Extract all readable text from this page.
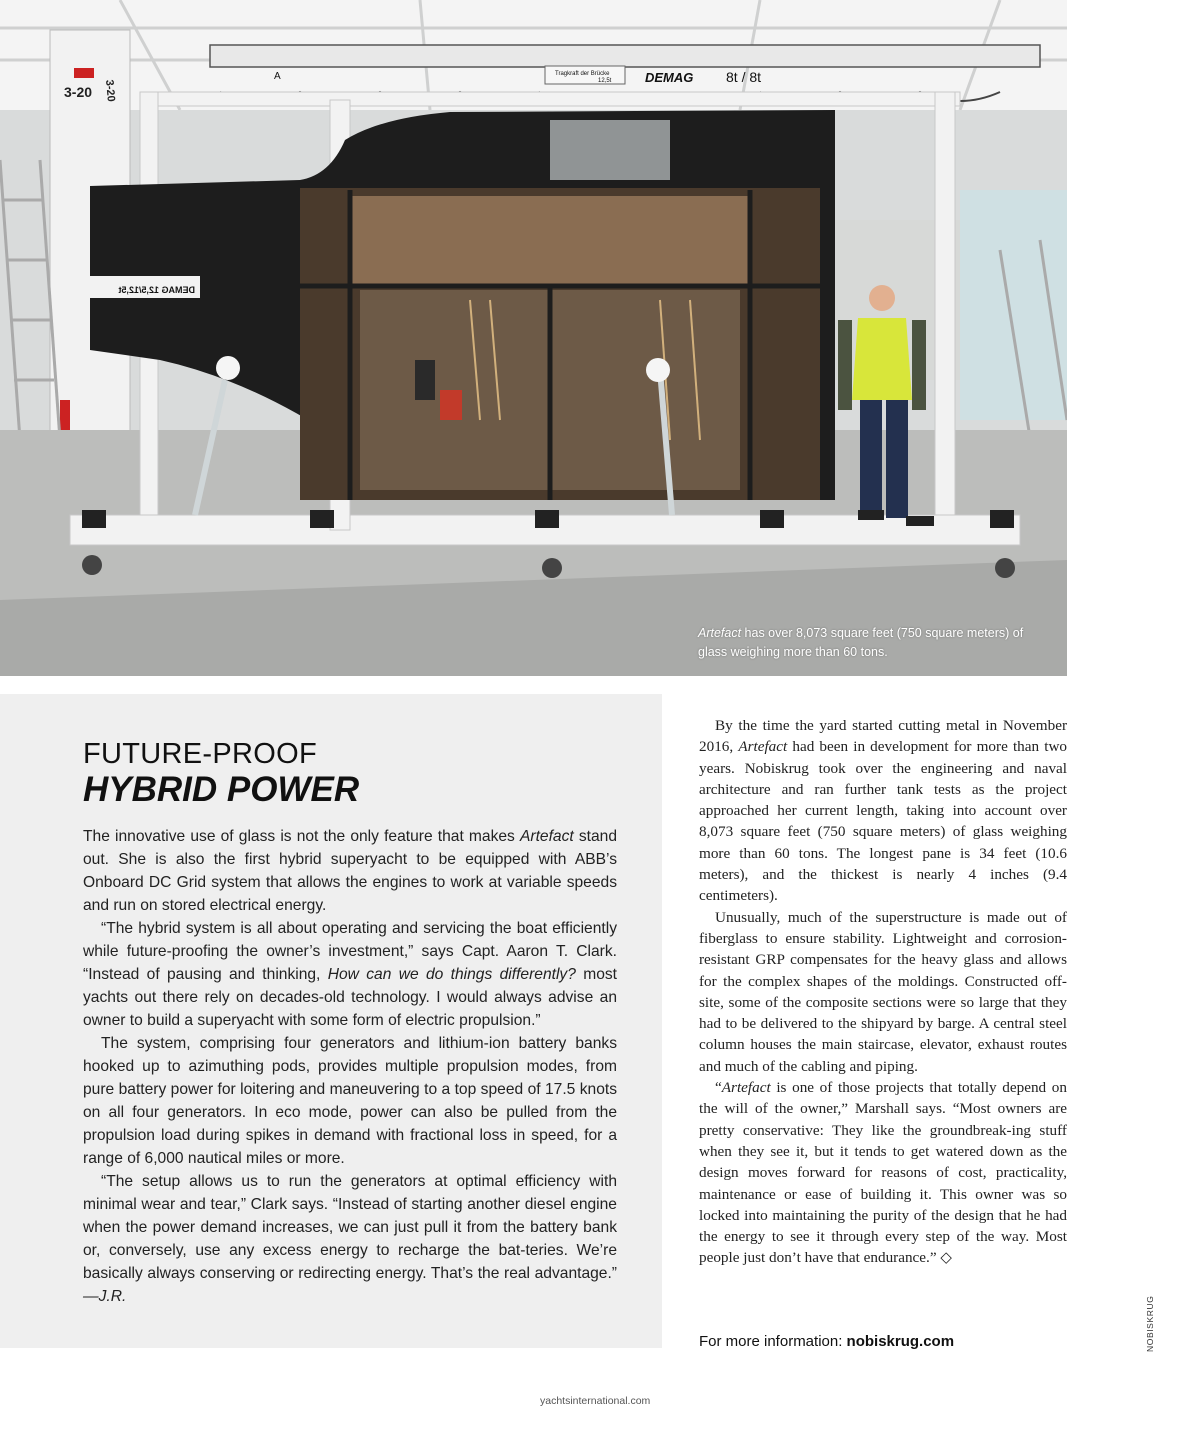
DEMAG 8t / 8t
Tragkraft der Brücke
12,5t
A
3-20 3-20
DEMAG 12,5/12,5t
Artefact has over 8,073 square feet (750 square meters) of glass weighing more than 60 tons.
FUTURE-PROOF
HYBRID POWER

The innovative use of glass is not the only feature that makes Artefact stand out. She is also the first hybrid superyacht to be equipped with ABB’s Onboard DC Grid system that allows the engines to work at variable speeds and run on stored electrical energy.

“The hybrid system is all about operating and servicing the boat efficiently while future-proofing the owner’s investment,” says Capt. Aaron T. Clark. “Instead of pausing and thinking, How can we do things differently? most yachts out there rely on decades-old technology. I would always advise an owner to build a superyacht with some form of electric propulsion.”

The system, comprising four generators and lithium-ion battery banks hooked up to azimuthing pods, provides multiple propulsion modes, from pure battery power for loitering and maneuvering to a top speed of 17.5 knots on all four generators. In eco mode, power can also be pulled from the propulsion load during spikes in demand with fractional loss in speed, for a range of 6,000 nautical miles or more.

“The setup allows us to run the generators at optimal efficiency with minimal wear and tear,” Clark says. “Instead of starting another diesel engine when the power demand increases, we can just pull it from the battery bank or, conversely, use any excess energy to recharge the bat-teries. We’re basically always conserving or redirecting energy. That’s the real advantage.” —J.R.

By the time the yard started cutting metal in November 2016, Artefact had been in development for more than two years. Nobiskrug took over the engineering and naval architecture and ran further tank tests as the project approached her current length, taking into account over 8,073 square feet (750 square meters) of glass weighing more than 60 tons. The longest pane is 34 feet (10.6 meters), and the thickest is nearly 4 inches (9.4 centimeters).

Unusually, much of the superstructure is made out of fiberglass to ensure stability. Lightweight and corrosion-resistant GRP compensates for the heavy glass and allows for the complex shapes of the moldings. Constructed off-site, some of the composite sections were so large that they had to be delivered to the shipyard by barge. A central steel column houses the main staircase, elevator, exhaust routes and much of the cabling and piping.

“Artefact is one of those projects that totally depend on the will of the owner,” Marshall says. “Most owners are pretty conservative: They like the groundbreak-ing stuff when they see it, but it tends to get watered down as the design moves forward for reasons of cost, practicality, maintenance or ease of building it. This owner was so locked into maintaining the purity of the design that he had the energy to see it through every step of the way. Most people just don’t have that endurance.” ◇

For more information: nobiskrug.com	NOBISKRUG
yachtsinternational.com
